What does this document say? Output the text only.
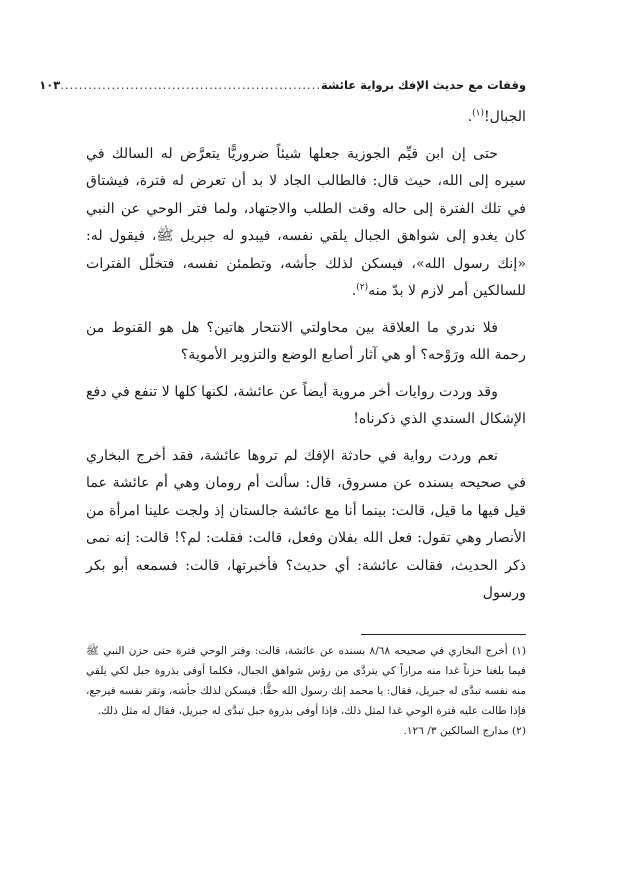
وقفات مع حديث الإفك برواية عائشة
........................................................
١٠٣

الجبال!$^{(١)}$.

حتى إن ابن قيِّم الجوزية جعلها شيئاً ضروريًّا يتعرَّض له السالك في سيره إلى الله، حيث قال: فالطالب الجاد لا بد أن تعرض له فترة، فيشتاق في تلك الفترة إلى حاله وقت الطلب والاجتهاد، ولما فتر الوحي عن النبي كان يغدو إلى شواهق الجبال يلقي نفسه، فيبدو له جبريل ﷺ، فيقول له: «إنك رسول الله»، فيسكن لذلك جأشه، وتطمئن نفسه، فتخلّل الفترات للسالكين أمر لازم لا بدّ منه$^{(٢)}$.

فلا ندري ما العلاقة بين محاولتي الانتحار هاتين؟ هل هو القنوط من رحمة الله ورَوْحه؟ أو هي آثار أصابع الوضع والتزوير الأموية؟

وقد وردت روايات أخر مروية أيضاً عن عائشة، لكنها كلها لا تنفع في دفع الإشكال السندي الذي ذكرناه!

نعم وردت رواية في حادثة الإفك لم تروها عائشة، فقد أخرج البخاري في صحيحه بسنده عن مسروق، قال: سألت أم رومان وهي أم عائشة عما قيل فيها ما قيل، قالت: بينما أنا مع عائشة جالستان إذ ولجت علينا امرأة من الأنصار وهي تقول: فعل الله بفلان وفعل، قالت: فقلت: لم؟! قالت: إنه نمى ذكر الحديث، فقالت عائشة: أي حديث؟ فأخبرتها، قالت: فسمعه أبو بكر ورسول

(١) أخرج البخاري في صحيحه ٨/٦٨ بسنده عن عائشة، قالت: وفتر الوحي فترة حتى حزن النبي ﷺ فيما بلغنا حزناً غدا منه مراراً كي يتردَّى من رؤس شواهق الجبال، فكلما أوفى بذروة جبل لكي يلقي منه نفسه تبدَّى له جبريل، فقال: يا محمد إنك رسول الله حقًّا. فيسكن لذلك جأشه، وتقر نفسه فيرجع، فإذا طالت عليه فترة الوحي غدا لمثل ذلك، فإذا أوفى بذروة جبل تبدَّى له جبريل، فقال له مثل ذلك.

(٢) مدارج السالكين ٣/ ١٢٦.
